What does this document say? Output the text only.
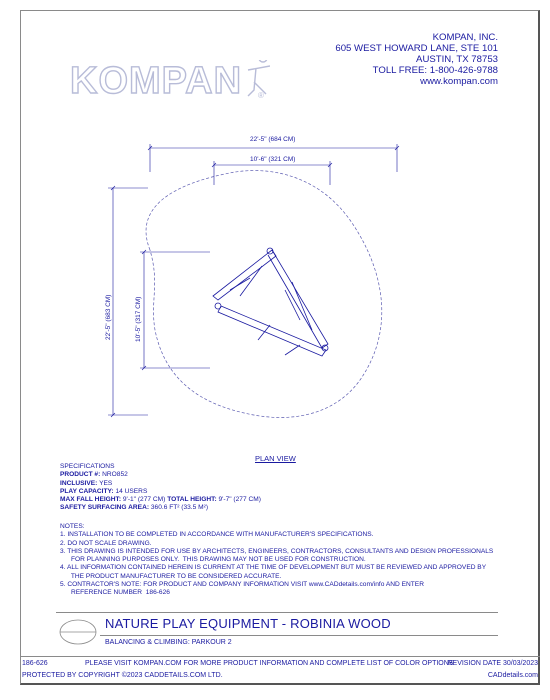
KOMPAN ®
KOMPAN, INC.
605 WEST HOWARD LANE, STE 101
AUSTIN, TX 78753
TOLL FREE: 1-800-426-9788
www.kompan.com
22'-5" (684 CM)
10'-6" (321 CM)
22'-5" (683 CM)	10'-5" (317 CM)
PLAN VIEW
SPECIFICATIONS
PRODUCT #: NRO852
INCLUSIVE: YES
PLAY CAPACITY: 14 USERS
MAX FALL HEIGHT: 9'-1" (277 CM) TOTAL HEIGHT: 9'-7" (277 CM)
SAFETY SURFACING AREA: 360.6 FT² (33.5 M²)
NOTES:
1. INSTALLATION TO BE COMPLETED IN ACCORDANCE WITH MANUFACTURER'S SPECIFICATIONS.
2. DO NOT SCALE DRAWING.
3. THIS DRAWING IS INTENDED FOR USE BY ARCHITECTS, ENGINEERS, CONTRACTORS, CONSULTANTS AND DESIGN PROFESSIONALS
FOR PLANNING PURPOSES ONLY.  THIS DRAWING MAY NOT BE USED FOR CONSTRUCTION.
4. ALL INFORMATION CONTAINED HEREIN IS CURRENT AT THE TIME OF DEVELOPMENT BUT MUST BE REVIEWED AND APPROVED BY
THE PRODUCT MANUFACTURER TO BE CONSIDERED ACCURATE.
5. CONTRACTOR'S NOTE: FOR PRODUCT AND COMPANY INFORMATION VISIT www.CADdetails.com/info AND ENTER
REFERENCE NUMBER  186-626
NATURE PLAY EQUIPMENT - ROBINIA WOOD
BALANCING & CLIMBING: PARKOUR 2
186-626	PLEASE VISIT KOMPAN.COM FOR MORE PRODUCT INFORMATION AND COMPLETE LIST OF COLOR OPTIONS
REVISION DATE 30/03/2023
PROTECTED BY COPYRIGHT ©2023 CADDETAILS.COM LTD.	CADdetails.com
